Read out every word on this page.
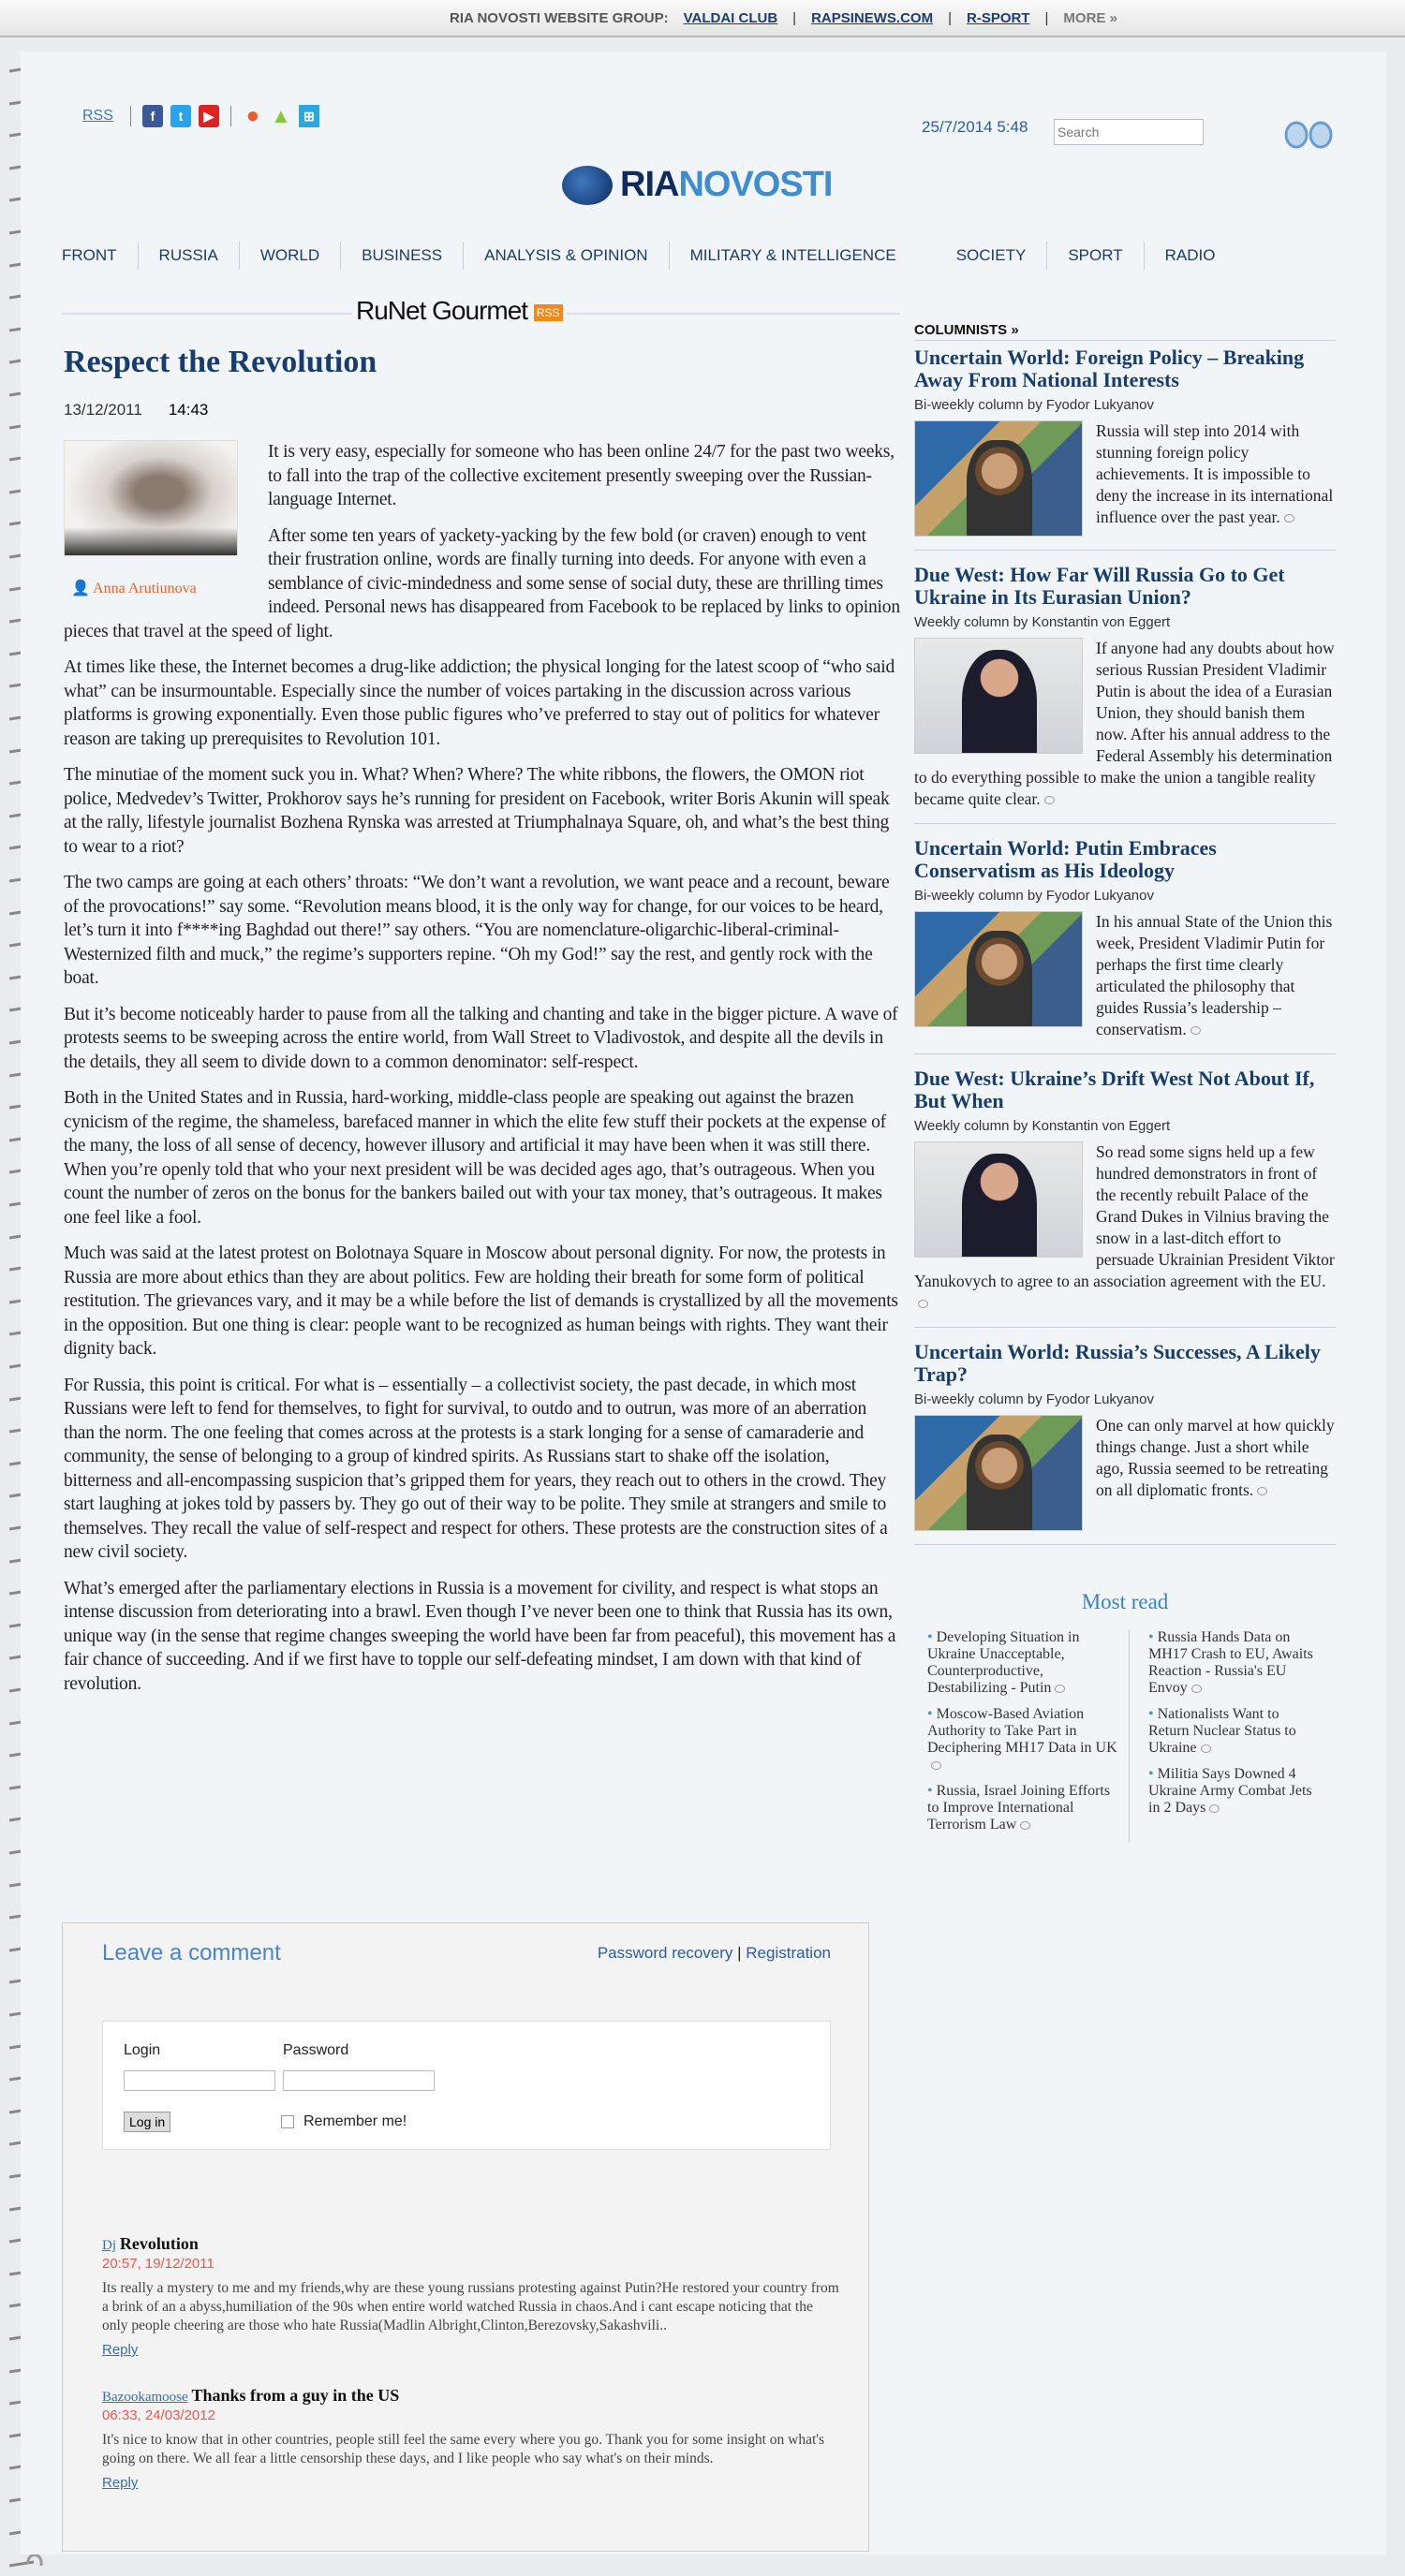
RIA NOVOSTI WEBSITE GROUP: VALDAI CLUB | RAPSINEWS.COM | R-SPORT | MORE »
RSS	f	t	▶ ● ▲ ⊞
25/7/2014 5:48
Search
RIANOVOSTI
FRONT	RUSSIA	WORLD	BUSINESS	ANALYSIS & OPINION	MILITARY & INTELLIGENCE	SOCIETY	SPORT	RADIO
RuNet Gourmet RSS
Respect the Revolution
13/12/2011 14:43
👤 Anna Arutiunova

It is very easy, especially for someone who has been online 24/7 for the past two weeks, to fall into the trap of the collective excitement presently sweeping over the Russian-language Internet.

After some ten years of yackety-yacking by the few bold (or craven) enough to vent their frustration online, words are finally turning into deeds. For anyone with even a semblance of civic-mindedness and some sense of social duty, these are thrilling times indeed. Personal news has disappeared from Facebook to be replaced by links to opinion pieces that travel at the speed of light.

At times like these, the Internet becomes a drug-like addiction; the physical longing for the latest scoop of “who said what” can be insurmountable. Especially since the number of voices partaking in the discussion across various platforms is growing exponentially. Even those public figures who’ve preferred to stay out of politics for whatever reason are taking up prerequisites to Revolution 101.

The minutiae of the moment suck you in. What? When? Where? The white ribbons, the flowers, the OMON riot police, Medvedev’s Twitter, Prokhorov says he’s running for president on Facebook, writer Boris Akunin will speak at the rally, lifestyle journalist Bozhena Rynska was arrested at Triumphalnaya Square, oh, and what’s the best thing to wear to a riot?

The two camps are going at each others’ throats: “We don’t want a revolution, we want peace and a recount, beware of the provocations!” say some. “Revolution means blood, it is the only way for change, for our voices to be heard, let’s turn it into f****ing Baghdad out there!” say others. “You are nomenclature-oligarchic-liberal-criminal-Westernized filth and muck,” the regime’s supporters repine. “Oh my God!” say the rest, and gently rock with the boat.

But it’s become noticeably harder to pause from all the talking and chanting and take in the bigger picture. A wave of protests seems to be sweeping across the entire world, from Wall Street to Vladivostok, and despite all the devils in the details, they all seem to divide down to a common denominator: self-respect.

Both in the United States and in Russia, hard-working, middle-class people are speaking out against the brazen cynicism of the regime, the shameless, barefaced manner in which the elite few stuff their pockets at the expense of the many, the loss of all sense of decency, however illusory and artificial it may have been when it was still there. When you’re openly told that who your next president will be was decided ages ago, that’s outrageous. When you count the number of zeros on the bonus for the bankers bailed out with your tax money, that’s outrageous. It makes one feel like a fool.

Much was said at the latest protest on Bolotnaya Square in Moscow about personal dignity. For now, the protests in Russia are more about ethics than they are about politics. Few are holding their breath for some form of political restitution. The grievances vary, and it may be a while before the list of demands is crystallized by all the movements in the opposition. But one thing is clear: people want to be recognized as human beings with rights. They want their dignity back.

For Russia, this point is critical. For what is – essentially – a collectivist society, the past decade, in which most Russians were left to fend for themselves, to fight for survival, to outdo and to outrun, was more of an aberration than the norm. The one feeling that comes across at the protests is a stark longing for a sense of camaraderie and community, the sense of belonging to a group of kindred spirits. As Russians start to shake off the isolation, bitterness and all-encompassing suspicion that’s gripped them for years, they reach out to others in the crowd. They start laughing at jokes told by passers by. They go out of their way to be polite. They smile at strangers and smile to themselves. They recall the value of self-respect and respect for others. These protests are the construction sites of a new civil society.

What’s emerged after the parliamentary elections in Russia is a movement for civility, and respect is what stops an intense discussion from deteriorating into a brawl. Even though I’ve never been one to think that Russia has its own, unique way (in the sense that regime changes sweeping the world have been far from peaceful), this movement has a fair chance of succeeding. And if we first have to topple our self-defeating mindset, I am down with that kind of revolution.

Leave a comment	Password recovery | Registration
Login	Password
Log in	Remember me!
Dj Revolution
20:57, 19/12/2011
Its really a mystery to me and my friends,why are these young russians protesting against Putin?He restored your country from a brink of an a abyss,humiliation of the 90s when entire world watched Russia in chaos.And i cant escape noticing that the only people cheering are those who hate Russia(Madlin Albright,Clinton,Berezovsky,Sakashvili..
Reply
Bazookamoose Thanks from a guy in the US
06:33, 24/03/2012
It's nice to know that in other countries, people still feel the same every where you go. Thank you for some insight on what's going on there. We all fear a little censorship these days, and I like people who say what's on their minds.
Reply
COLUMNISTS »
Uncertain World: Foreign Policy – Breaking Away From National Interests
Bi-weekly column by Fyodor Lukyanov
Russia will step into 2014 with stunning foreign policy achievements. It is impossible to deny the increase in its international influence over the past year.
Due West: How Far Will Russia Go to Get Ukraine in Its Eurasian Union?
Weekly column by Konstantin von Eggert
If anyone had any doubts about how serious Russian President Vladimir Putin is about the idea of a Eurasian Union, they should banish them now. After his annual address to the Federal Assembly his determination to do everything possible to make the union a tangible reality became quite clear.
Uncertain World: Putin Embraces Conservatism as His Ideology
Bi-weekly column by Fyodor Lukyanov
In his annual State of the Union this week, President Vladimir Putin for perhaps the first time clearly articulated the philosophy that guides Russia’s leadership – conservatism.
Due West: Ukraine’s Drift West Not About If, But When
Weekly column by Konstantin von Eggert
So read some signs held up a few hundred demonstrators in front of the recently rebuilt Palace of the Grand Dukes in Vilnius braving the snow in a last-ditch effort to persuade Ukrainian President Viktor Yanukovych to agree to an association agreement with the EU.
Uncertain World: Russia’s Successes, A Likely Trap?
Bi-weekly column by Fyodor Lukyanov
One can only marvel at how quickly things change. Just a short while ago, Russia seemed to be retreating on all diplomatic fronts.
Most read
• Developing Situation in Ukraine Unacceptable, Counterproductive, Destabilizing - Putin
• Moscow-Based Aviation Authority to Take Part in Deciphering MH17 Data in UK
• Russia, Israel Joining Efforts to Improve International Terrorism Law
• Russia Hands Data on MH17 Crash to EU, Awaits Reaction - Russia's EU Envoy
• Nationalists Want to Return Nuclear Status to Ukraine
• Militia Says Downed 4 Ukraine Army Combat Jets in 2 Days
